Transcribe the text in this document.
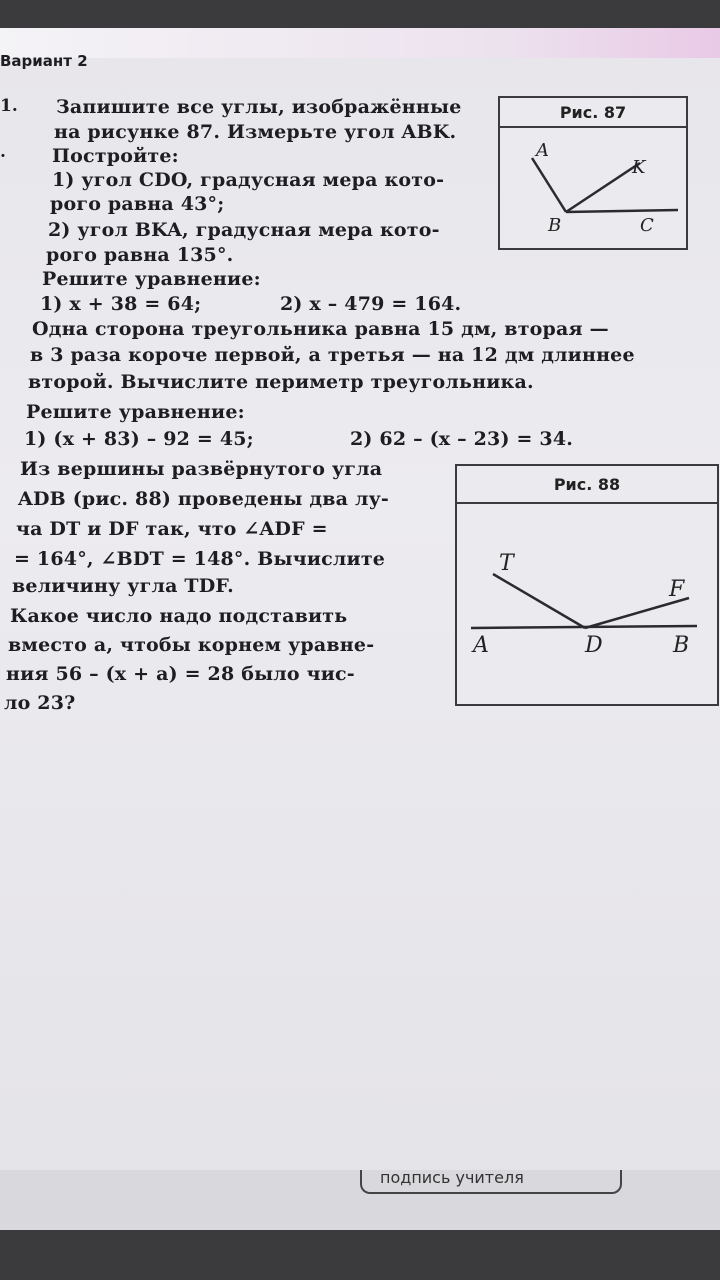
Вариант 2
1.
.
Запишите все углы, изображённые
на рисунке 87. Измерьте угол ABK.
Постройте:
1) угол CDO, градусная мера кото-
рого равна 43°;
2) угол BKA, градусная мера кото-
рого равна 135°.
Решите уравнение:
1) x + 38 = 64;	2) x – 479 = 164.
Одна сторона треугольника равна 15 дм, вторая —
в 3 раза короче первой, а третья — на 12 дм длиннее
второй. Вычислите периметр треугольника.
Решите уравнение:
1) (x + 83) – 92 = 45;	2) 62 – (x – 23) = 34.
Из вершины развёрнутого угла
ADB (рис. 88) проведены два лу-
ча DT и DF так, что ∠ADF =
= 164°, ∠BDT = 148°. Вычислите
величину угла TDF.
Какое число надо подставить
вместо a, чтобы корнем уравне-
ния 56 – (x + a) = 28 было чис-
ло 23?
Рис. 87
A
K
B	C
Рис. 88
T
F
A	D	B
подпись учителя
